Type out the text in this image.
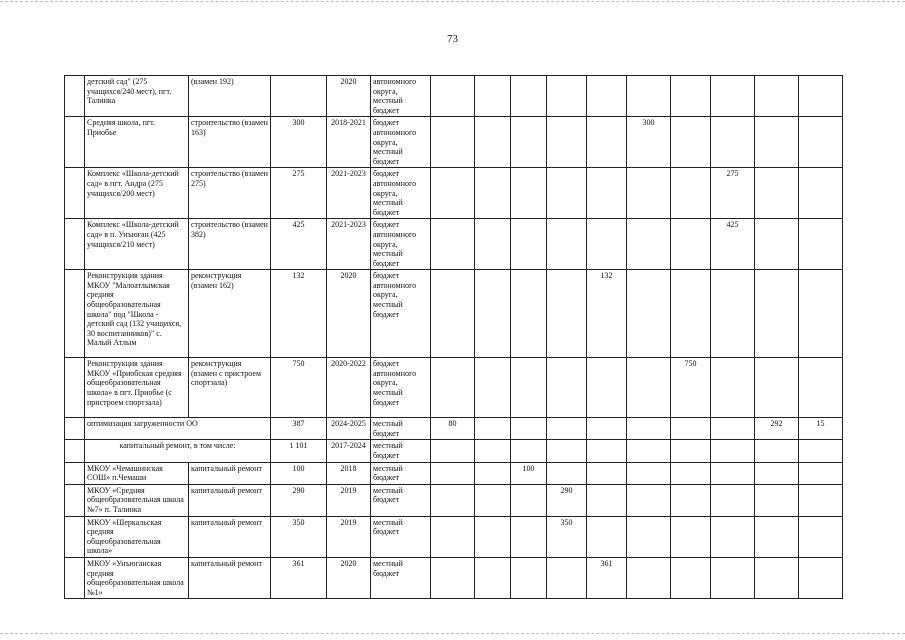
73
	детский сад" (275 учащихся/240 мест), пгт. Талинка	(взамен 192)		2020	автономного округа, местный бюджет										
	Средняя школа, пгт. Приобье	строительство (взамен 163)	300	2018-2021	бюджет автономного округа, местный бюджет						300				
	Комплекс «Школа-детский сад» в пгт. Андра (275 учащихся/200 мест)	строительство (взамен 275)	275	2021-2023	бюджет автономного округа, местный бюджет								275		
	Комплекс «Школа-детский сад» в п. Унъюган (425 учащихся/210 мест)	строительство (взамен 382)	425	2021-2023	бюджет автономного округа, местный бюджет								425		
	Реконструкция здания МКОУ "Малоатлымская средняя общеобразовательная школа" под "Школа - детский сад (132 учащихся, 30 воспитанников)" с. Малый Атлым	реконструкция (взамен 162)	132	2020	бюджет автономного округа, местный бюджет					132					
	Реконструкция здания МКОУ «Приобская средняя общеобразовательная школа» в пгт. Приобье (с пристроем спортзала)	реконструкция (взамен с пристроем спортзала)	750	2020-2022	бюджет автономного округа, местный бюджет							750			
	оптимизация загруженности ОО		387	2024-2025	местный бюджет	80								292	15
	капитальный ремонт, в том числе:		1 101	2017-2024	местный бюджет										
	МКОУ «Чемашинская СОШ» п.Чемаши	капитальный ремонт	100	2018	местный бюджет			100							
	МКОУ «Средняя общеобразовательная школа №7» п. Талинка	капитальный ремонт	290	2019	местный бюджет				290						
	МКОУ «Шеркальская средняя общеобразовательная школа»	капитальный ремонт	350	2019	местный бюджет				350						
	МКОУ «Унъюганская средняя общеобразовательная школа №1»	капитальный ремонт	361	2020	местный бюджет					361					
